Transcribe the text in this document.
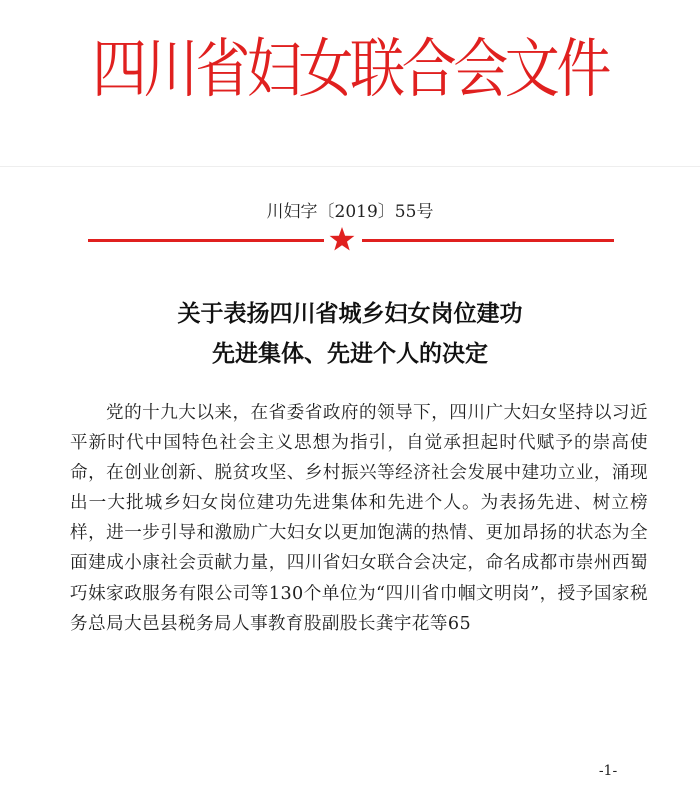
四川省妇女联合会文件
川妇字〔2019〕55号
关于表扬四川省城乡妇女岗位建功
先进集体、先进个人的决定

党的十九大以来，在省委省政府的领导下，四川广大妇女坚持以习近平新时代中国特色社会主义思想为指引，自觉承担起时代赋予的崇高使命，在创业创新、脱贫攻坚、乡村振兴等经济社会发展中建功立业，涌现出一大批城乡妇女岗位建功先进集体和先进个人。为表扬先进、树立榜样，进一步引导和激励广大妇女以更加饱满的热情、更加昂扬的状态为全面建成小康社会贡献力量，四川省妇女联合会决定，命名成都市崇州西蜀巧妹家政服务有限公司等130个单位为“四川省巾帼文明岗”，授予国家税务总局大邑县税务局人事教育股副股长龚宇花等65

-1-
